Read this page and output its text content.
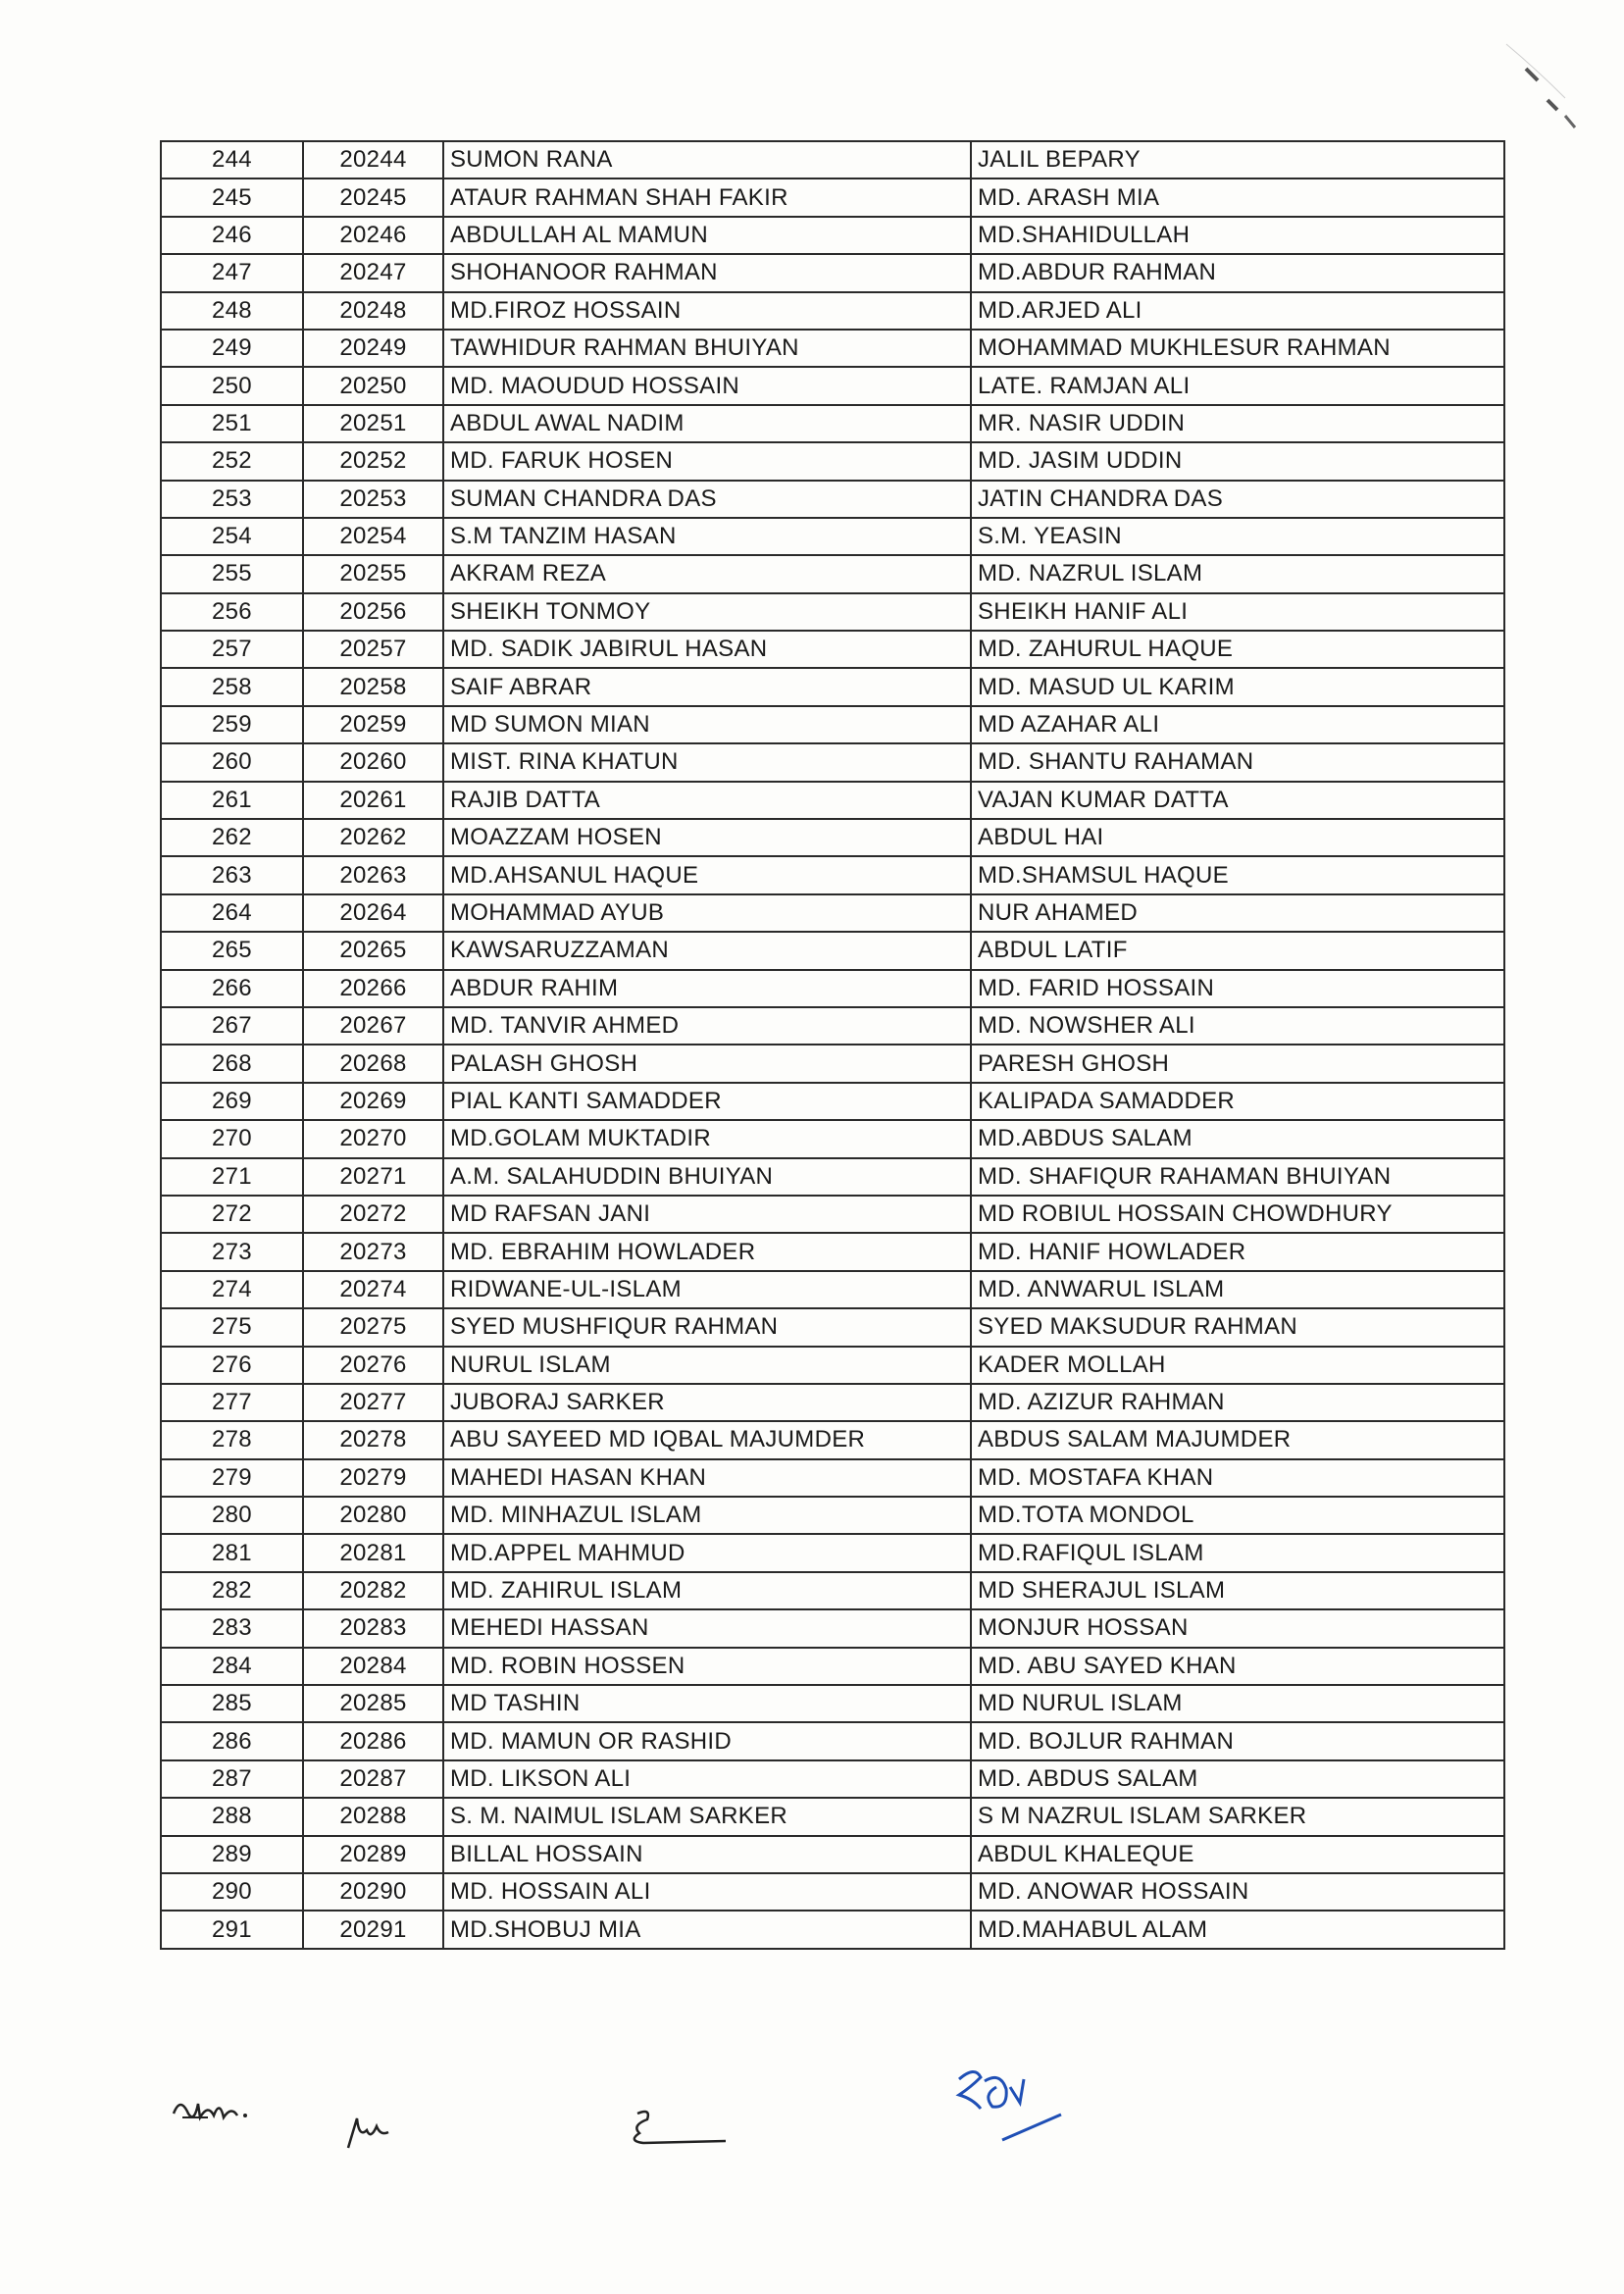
244	20244	SUMON RANA	JALIL BEPARY
245	20245	ATAUR RAHMAN SHAH FAKIR	MD. ARASH MIA
246	20246	ABDULLAH AL MAMUN	MD.SHAHIDULLAH
247	20247	SHOHANOOR RAHMAN	MD.ABDUR RAHMAN
248	20248	MD.FIROZ HOSSAIN	MD.ARJED ALI
249	20249	TAWHIDUR RAHMAN BHUIYAN	MOHAMMAD MUKHLESUR RAHMAN
250	20250	MD. MAOUDUD HOSSAIN	LATE. RAMJAN ALI
251	20251	ABDUL AWAL NADIM	MR. NASIR UDDIN
252	20252	MD. FARUK HOSEN	MD. JASIM UDDIN
253	20253	SUMAN CHANDRA DAS	JATIN CHANDRA DAS
254	20254	S.M TANZIM HASAN	S.M. YEASIN
255	20255	AKRAM REZA	MD. NAZRUL ISLAM
256	20256	SHEIKH TONMOY	SHEIKH HANIF ALI
257	20257	MD. SADIK JABIRUL HASAN	MD. ZAHURUL HAQUE
258	20258	SAIF ABRAR	MD. MASUD UL KARIM
259	20259	MD SUMON MIAN	MD AZAHAR ALI
260	20260	MIST. RINA KHATUN	MD. SHANTU RAHAMAN
261	20261	RAJIB DATTA	VAJAN KUMAR DATTA
262	20262	MOAZZAM HOSEN	ABDUL HAI
263	20263	MD.AHSANUL HAQUE	MD.SHAMSUL HAQUE
264	20264	MOHAMMAD AYUB	NUR AHAMED
265	20265	KAWSARUZZAMAN	ABDUL LATIF
266	20266	ABDUR RAHIM	MD. FARID HOSSAIN
267	20267	MD. TANVIR AHMED	MD. NOWSHER ALI
268	20268	PALASH GHOSH	PARESH GHOSH
269	20269	PIAL KANTI SAMADDER	KALIPADA SAMADDER
270	20270	MD.GOLAM MUKTADIR	MD.ABDUS SALAM
271	20271	A.M. SALAHUDDIN BHUIYAN	MD. SHAFIQUR RAHAMAN BHUIYAN
272	20272	MD RAFSAN JANI	MD ROBIUL HOSSAIN CHOWDHURY
273	20273	MD. EBRAHIM HOWLADER	MD. HANIF HOWLADER
274	20274	RIDWANE-UL-ISLAM	MD. ANWARUL ISLAM
275	20275	SYED MUSHFIQUR RAHMAN	SYED MAKSUDUR RAHMAN
276	20276	NURUL ISLAM	KADER MOLLAH
277	20277	JUBORAJ SARKER	MD. AZIZUR RAHMAN
278	20278	ABU SAYEED MD IQBAL MAJUMDER	ABDUS SALAM MAJUMDER
279	20279	MAHEDI HASAN KHAN	MD. MOSTAFA KHAN
280	20280	MD. MINHAZUL ISLAM	MD.TOTA MONDOL
281	20281	MD.APPEL MAHMUD	MD.RAFIQUL ISLAM
282	20282	MD. ZAHIRUL ISLAM	MD SHERAJUL ISLAM
283	20283	MEHEDI HASSAN	MONJUR HOSSAN
284	20284	MD. ROBIN HOSSEN	MD. ABU SAYED KHAN
285	20285	MD TASHIN	MD NURUL ISLAM
286	20286	MD. MAMUN OR RASHID	MD. BOJLUR RAHMAN
287	20287	MD. LIKSON ALI	MD. ABDUS SALAM
288	20288	S. M. NAIMUL ISLAM SARKER	S M NAZRUL ISLAM SARKER
289	20289	BILLAL HOSSAIN	ABDUL KHALEQUE
290	20290	MD. HOSSAIN ALI	MD. ANOWAR HOSSAIN
291	20291	MD.SHOBUJ MIA	MD.MAHABUL ALAM
